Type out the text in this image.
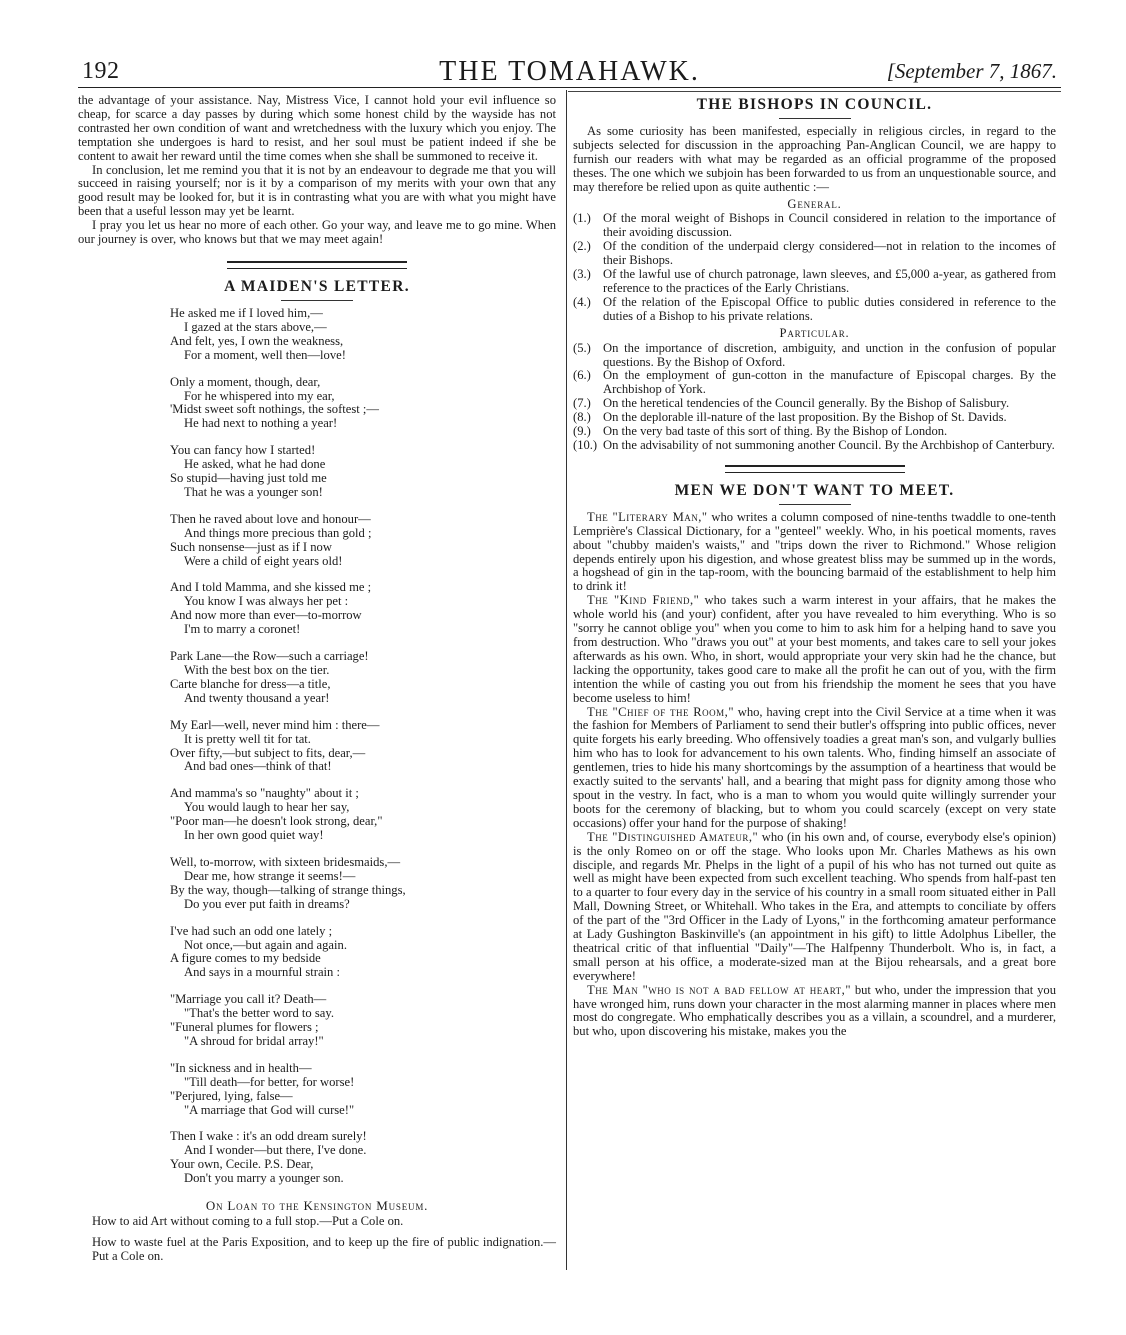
192	THE TOMAHAWK.	[September 7, 1867.

the advantage of your assistance. Nay, Mistress Vice, I cannot hold your evil influence so cheap, for scarce a day passes by during which some honest child by the wayside has not contrasted her own condition of want and wretchedness with the luxury which you enjoy. The temptation she undergoes is hard to resist, and her soul must be patient indeed if she be content to await her reward until the time comes when she shall be summoned to receive it.

In conclusion, let me remind you that it is not by an endeavour to degrade me that you will succeed in raising yourself; nor is it by a comparison of my merits with your own that any good result may be looked for, but it is in contrasting what you are with what you might have been that a useful lesson may yet be learnt.

I pray you let us hear no more of each other. Go your way, and leave me to go mine. When our journey is over, who knows but that we may meet again!

A MAIDEN'S LETTER.
He asked me if I loved him,—
I gazed at the stars above,—
And felt, yes, I own the weakness,
For a moment, well then—love!
Only a moment, though, dear,
For he whispered into my ear,
'Midst sweet soft nothings, the softest ;—
He had next to nothing a year!
You can fancy how I started!
He asked, what he had done
So stupid—having just told me
That he was a younger son!
Then he raved about love and honour—
And things more precious than gold ;
Such nonsense—just as if I now
Were a child of eight years old!
And I told Mamma, and she kissed me ;
You know I was always her pet :
And now more than ever—to-morrow
I'm to marry a coronet!
Park Lane—the Row—such a carriage!
With the best box on the tier.
Carte blanche for dress—a title,
And twenty thousand a year!
My Earl—well, never mind him : there—
It is pretty well tit for tat.
Over fifty,—but subject to fits, dear,—
And bad ones—think of that!
And mamma's so "naughty" about it ;
You would laugh to hear her say,
"Poor man—he doesn't look strong, dear,"
In her own good quiet way!
Well, to-morrow, with sixteen bridesmaids,—
Dear me, how strange it seems!—
By the way, though—talking of strange things,
Do you ever put faith in dreams?
I've had such an odd one lately ;
Not once,—but again and again.
A figure comes to my bedside
And says in a mournful strain :
"Marriage you call it? Death—
"That's the better word to say.
"Funeral plumes for flowers ;
"A shroud for bridal array!"
"In sickness and in health—
"Till death—for better, for worse!
"Perjured, lying, false—
"A marriage that God will curse!"
Then I wake : it's an odd dream surely!
And I wonder—but there, I've done.
Your own, Cecile. P.S. Dear,
Don't you marry a younger son.
On Loan to the Kensington Museum.

How to aid Art without coming to a full stop.—Put a Cole on.

How to waste fuel at the Paris Exposition, and to keep up the fire of public indignation.—Put a Cole on.

THE BISHOPS IN COUNCIL.

As some curiosity has been manifested, especially in religious circles, in regard to the subjects selected for discussion in the approaching Pan-Anglican Council, we are happy to furnish our readers with what may be regarded as an official programme of the proposed theses. The one which we subjoin has been forwarded to us from an unquestionable source, and may therefore be relied upon as quite authentic :—

General.
(1.) Of the moral weight of Bishops in Council considered in relation to the importance of their avoiding discussion.
(2.) Of the condition of the underpaid clergy considered—not in relation to the incomes of their Bishops.
(3.) Of the lawful use of church patronage, lawn sleeves, and £5,000 a-year, as gathered from reference to the practices of the Early Christians.
(4.) Of the relation of the Episcopal Office to public duties considered in reference to the duties of a Bishop to his private relations.
Particular.
(5.) On the importance of discretion, ambiguity, and unction in the confusion of popular questions. By the Bishop of Oxford.
(6.) On the employment of gun-cotton in the manufacture of Episcopal charges. By the Archbishop of York.
(7.) On the heretical tendencies of the Council generally. By the Bishop of Salisbury.
(8.) On the deplorable ill-nature of the last proposition. By the Bishop of St. Davids.
(9.) On the very bad taste of this sort of thing. By the Bishop of London.
(10.) On the advisability of not summoning another Council. By the Archbishop of Canterbury.
MEN WE DON'T WANT TO MEET.

The "Literary Man," who writes a column composed of nine-tenths twaddle to one-tenth Lemprière's Classical Dictionary, for a "genteel" weekly. Who, in his poetical moments, raves about "chubby maiden's waists," and "trips down the river to Richmond." Whose religion depends entirely upon his digestion, and whose greatest bliss may be summed up in the words, a hogshead of gin in the tap-room, with the bouncing barmaid of the establishment to help him to drink it!

The "Kind Friend," who takes such a warm interest in your affairs, that he makes the whole world his (and your) confident, after you have revealed to him everything. Who is so "sorry he cannot oblige you" when you come to him to ask him for a helping hand to save you from destruction. Who "draws you out" at your best moments, and takes care to sell your jokes afterwards as his own. Who, in short, would appropriate your very skin had he the chance, but lacking the opportunity, takes good care to make all the profit he can out of you, with the firm intention the while of casting you out from his friendship the moment he sees that you have become useless to him!

The "Chief of the Room," who, having crept into the Civil Service at a time when it was the fashion for Members of Parliament to send their butler's offspring into public offices, never quite forgets his early breeding. Who offensively toadies a great man's son, and vulgarly bullies him who has to look for advancement to his own talents. Who, finding himself an associate of gentlemen, tries to hide his many shortcomings by the assumption of a heartiness that would be exactly suited to the servants' hall, and a bearing that might pass for dignity among those who spout in the vestry. In fact, who is a man to whom you would quite willingly surrender your boots for the ceremony of blacking, but to whom you could scarcely (except on very state occasions) offer your hand for the purpose of shaking!

The "Distinguished Amateur," who (in his own and, of course, everybody else's opinion) is the only Romeo on or off the stage. Who looks upon Mr. Charles Mathews as his own disciple, and regards Mr. Phelps in the light of a pupil of his who has not turned out quite as well as might have been expected from such excellent teaching. Who spends from half-past ten to a quarter to four every day in the service of his country in a small room situated either in Pall Mall, Downing Street, or Whitehall. Who takes in the Era, and attempts to conciliate by offers of the part of the "3rd Officer in the Lady of Lyons," in the forthcoming amateur performance at Lady Gushington Baskinville's (an appointment in his gift) to little Adolphus Libeller, the theatrical critic of that influential "Daily"—The Halfpenny Thunderbolt. Who is, in fact, a small person at his office, a moderate-sized man at the Bijou rehearsals, and a great bore everywhere!

The Man "who is not a bad fellow at heart," but who, under the impression that you have wronged him, runs down your character in the most alarming manner in places where men most do congregate. Who emphatically describes you as a villain, a scoundrel, and a murderer, but who, upon discovering his mistake, makes you the
